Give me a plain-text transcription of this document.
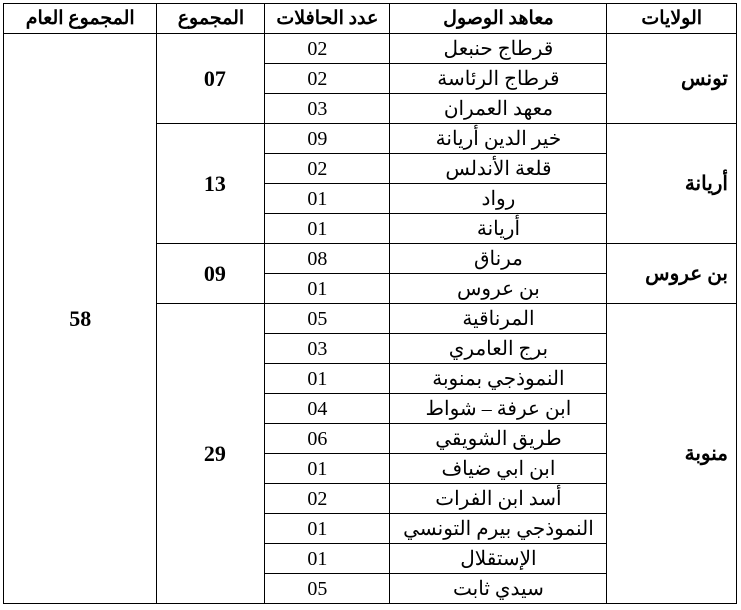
الولايات	معاهد الوصول	عدد الحافلات	المجموع	المجموع العام
تونس	قرطاج حنبعل	02	07	58
	قرطاج الرئاسة	02		
	معهد العمران	03		
أريانة	خير الدين أريانة	09	13	
	قلعة الأندلس	02		
	رواد	01		
	أريانة	01		
بن عروس	مرناق	08	09	
	بن عروس	01		
منوبة	المرناقية	05	29	
	برج العامري	03		
	النموذجي بمنوبة	01		
	ابن عرفة – شواط	04		
	طريق الشويقي	06		
	ابن ابي ضياف	01		
	أسد ابن الفرات	02		
	النموذجي بيرم التونسي	01		
	الإستقلال	01		
	سيدي ثابت	05		
